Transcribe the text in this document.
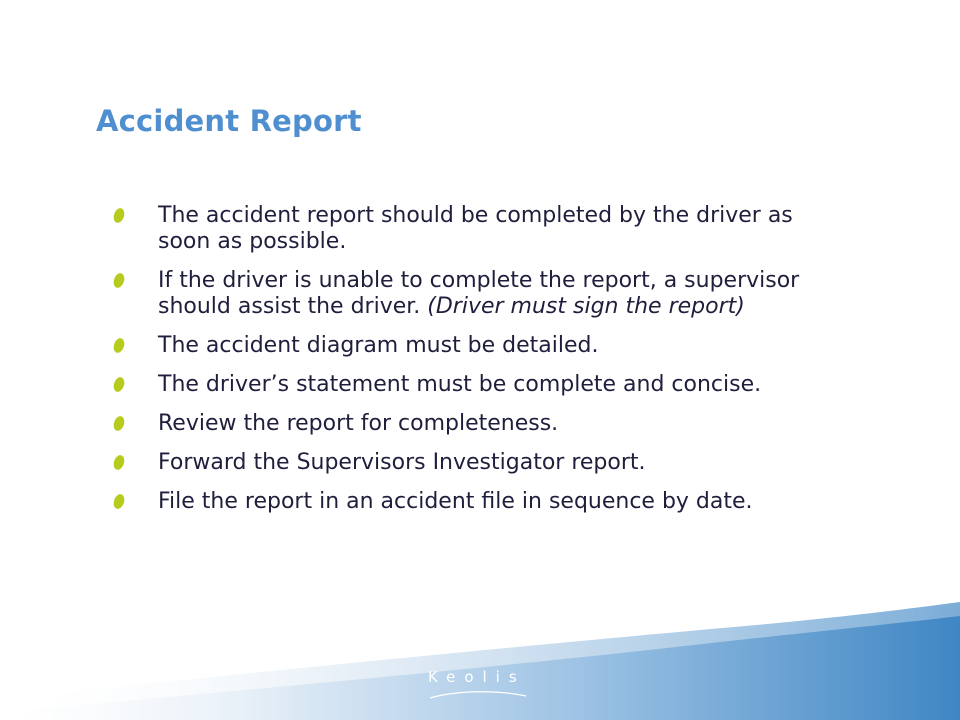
Accident Report
The accident report should be completed by the driver as soon as possible.
If the driver is unable to complete the report, a supervisor should assist the driver. (Driver must sign the report)
The accident diagram must be detailed.
The driver’s statement must be complete and concise.
Review the report for completeness.
Forward the Supervisors Investigator report.
File the report in an accident file in sequence by date.
Keolis
